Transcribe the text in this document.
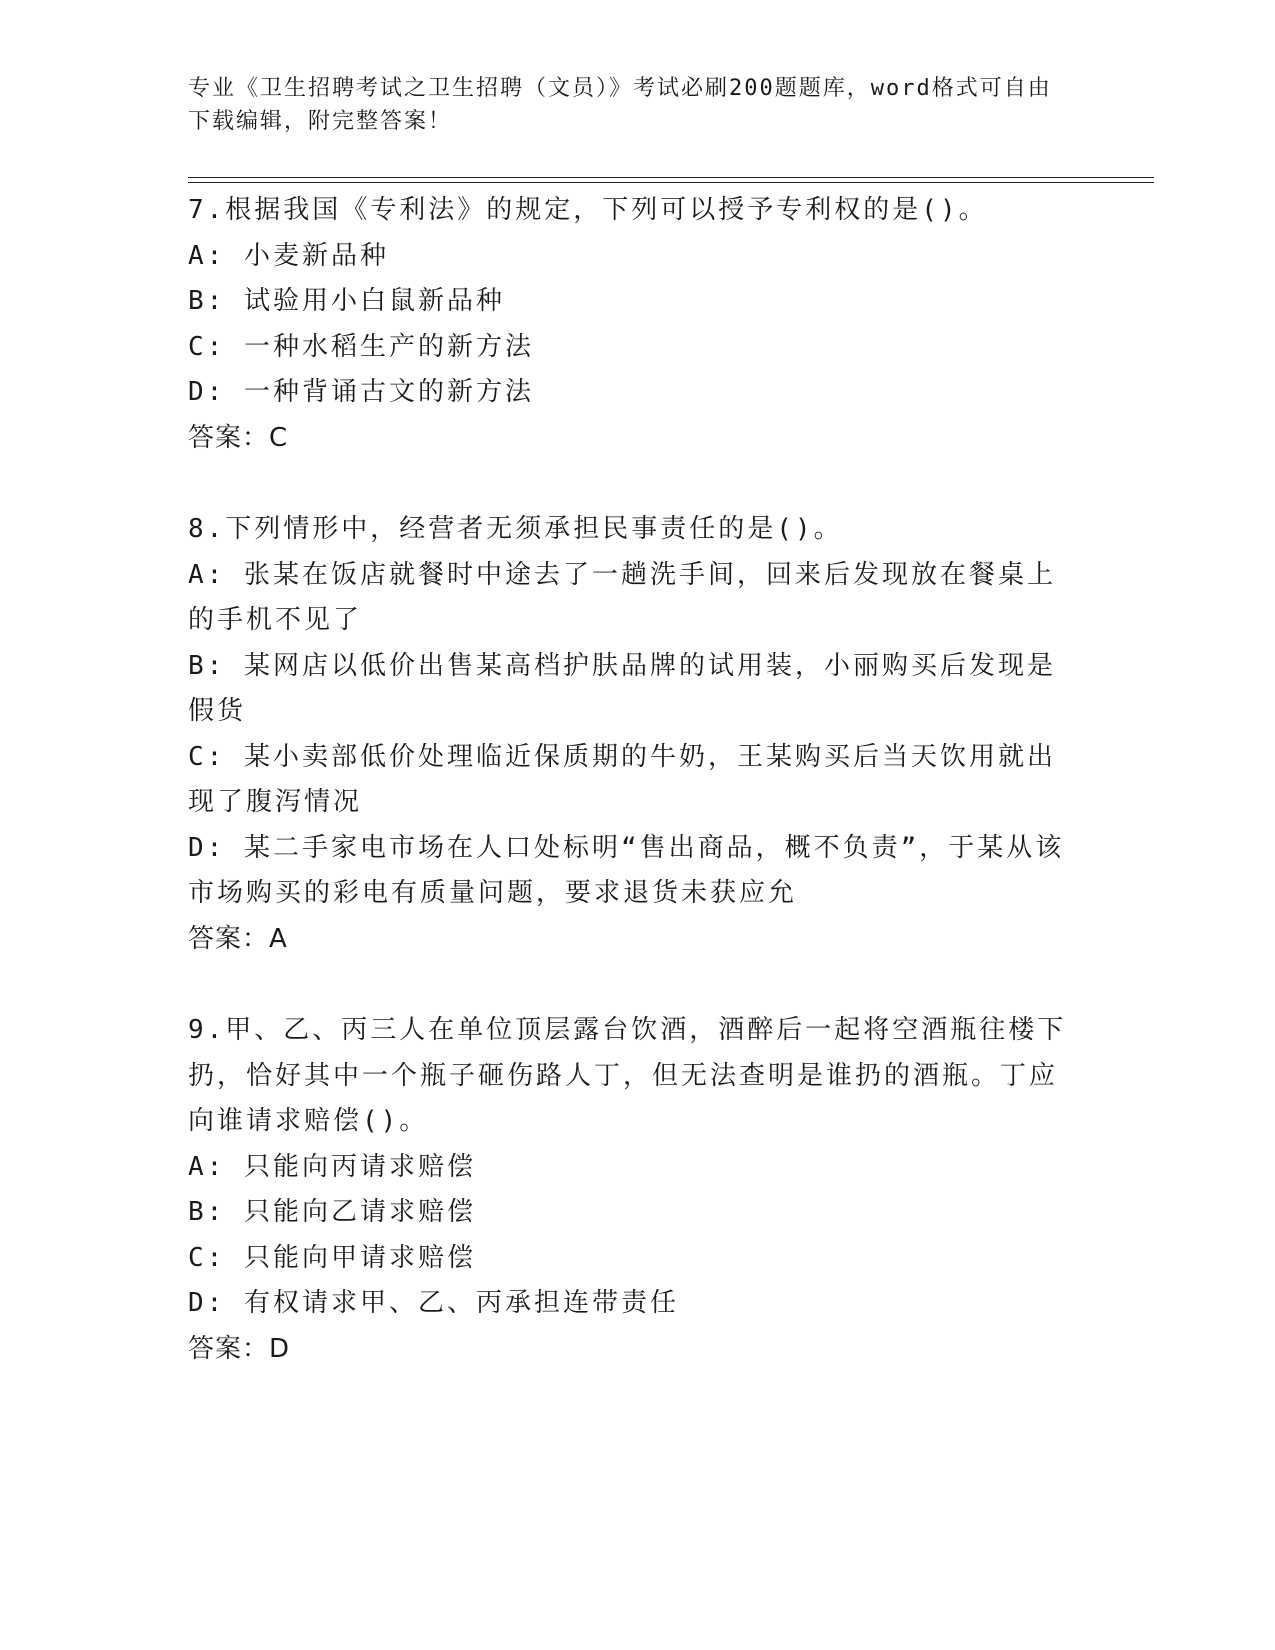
专业《卫生招聘考试之卫生招聘（文员）》考试必刷200题题库，word格式可自由下载编辑，附完整答案！
7.根据我国《专利法》的规定，下列可以授予专利权的是()。
A: 小麦新品种
B: 试验用小白鼠新品种
C: 一种水稻生产的新方法
D: 一种背诵古文的新方法
答案：C
8.下列情形中，经营者无须承担民事责任的是()。
A: 张某在饭店就餐时中途去了一趟洗手间，回来后发现放在餐桌上的手机不见了
B: 某网店以低价出售某高档护肤品牌的试用装，小丽购买后发现是假货
C: 某小卖部低价处理临近保质期的牛奶，王某购买后当天饮用就出现了腹泻情况
D: 某二手家电市场在人口处标明“售出商品，概不负责”，于某从该市场购买的彩电有质量问题，要求退货未获应允
答案：A
9.甲、乙、丙三人在单位顶层露台饮酒，酒醉后一起将空酒瓶往楼下扔，恰好其中一个瓶子砸伤路人丁，但无法查明是谁扔的酒瓶。丁应向谁请求赔偿()。
A: 只能向丙请求赔偿
B: 只能向乙请求赔偿
C: 只能向甲请求赔偿
D: 有权请求甲、乙、丙承担连带责任
答案：D
